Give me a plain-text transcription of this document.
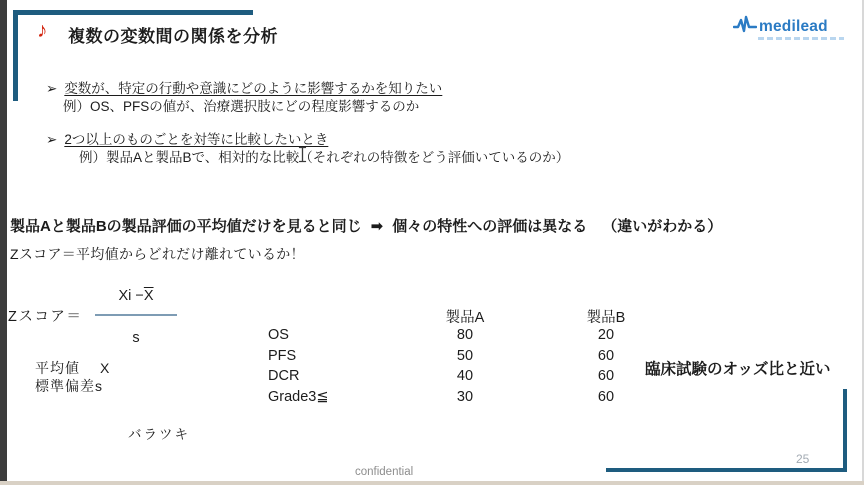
♪ 複数の変数間の関係を分析
medilead
➢ 変数が、特定の行動や意識にどのように影響するかを知りたい
例）OS、PFSの値が、治療選択肢にどの程度影響するのか
➢ 2つ以上のものごとを対等に比較したいとき
例）製品Aと製品Bで、相対的な比較（それぞれの特徴をどう評価いているのか）
製品Aと製品Bの製品評価の平均値だけを見ると同じ ➡ 個々の特性への評価は異なる （違いがわかる）
Zスコア＝平均値からどれだけ離れているか！
Zスコア＝
$Xi -\overline{X}$
s
平均値 X
標準偏差s
バラツキ
	製品A		製品B
OS	80		20
PFS	50		60
DCR	40		60
Grade3≦	30		60
臨床試験のオッズ比と近い
25
confidential
